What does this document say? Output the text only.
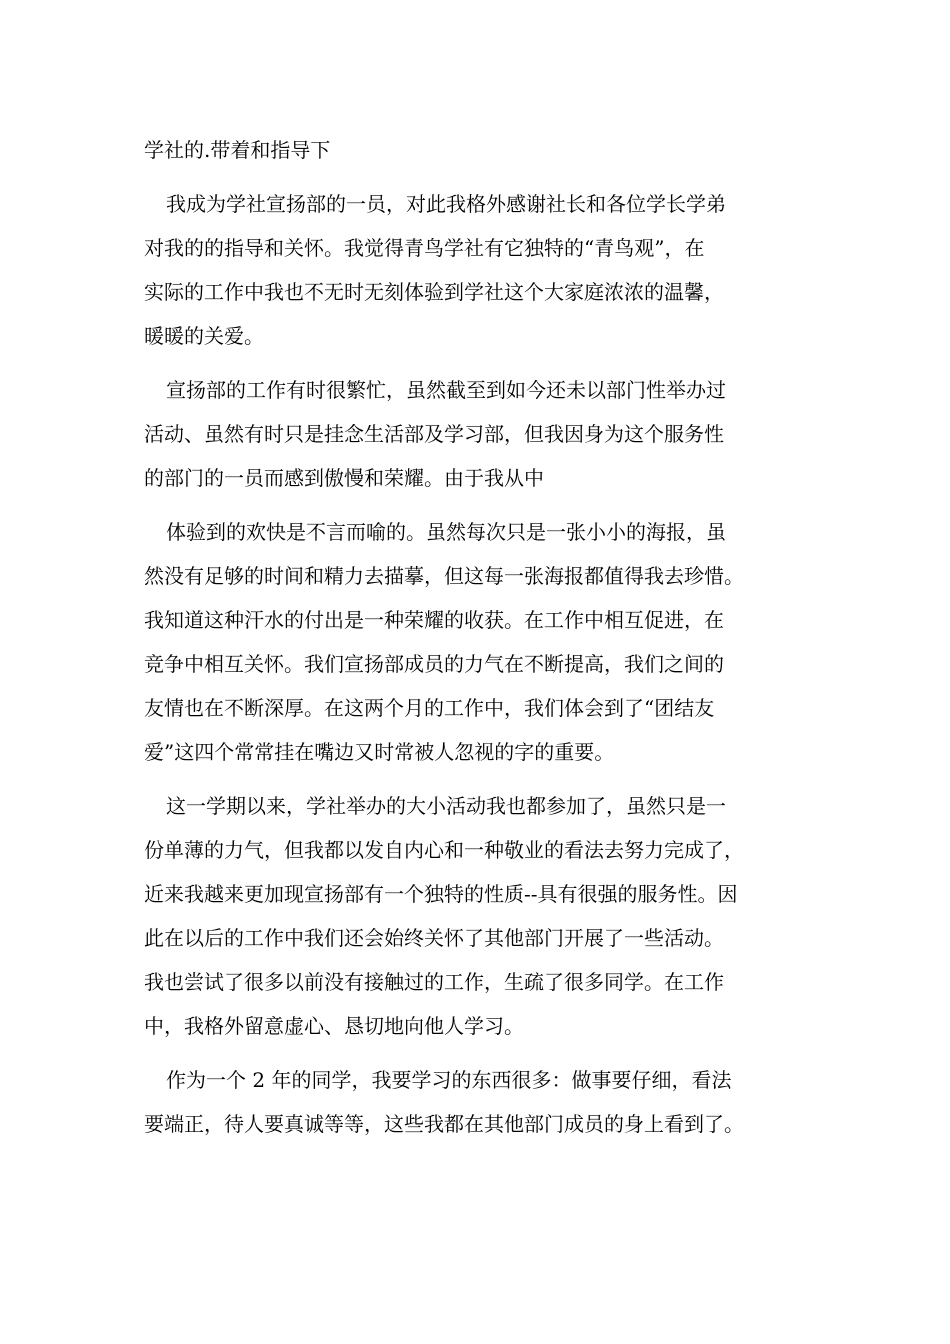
学社的.带着和指导下
我成为学社宣扬部的一员，对此我格外感谢社长和各位学长学弟
对我的的指导和关怀。我觉得青鸟学社有它独特的“青鸟观”，在
实际的工作中我也不无时无刻体验到学社这个大家庭浓浓的温馨，
暖暖的关爱。
宣扬部的工作有时很繁忙，虽然截至到如今还未以部门性举办过
活动、虽然有时只是挂念生活部及学习部，但我因身为这个服务性
的部门的一员而感到傲慢和荣耀。由于我从中
体验到的欢快是不言而喻的。虽然每次只是一张小小的海报，虽
然没有足够的时间和精力去描摹，但这每一张海报都值得我去珍惜。
我知道这种汗水的付出是一种荣耀的收获。在工作中相互促进，在
竞争中相互关怀。我们宣扬部成员的力气在不断提高，我们之间的
友情也在不断深厚。在这两个月的工作中，我们体会到了“团结友
爱”这四个常常挂在嘴边又时常被人忽视的字的重要。
这一学期以来，学社举办的大小活动我也都参加了，虽然只是一
份单薄的力气，但我都以发自内心和一种敬业的看法去努力完成了，
近来我越来更加现宣扬部有一个独特的性质--具有很强的服务性。因
此在以后的工作中我们还会始终关怀了其他部门开展了一些活动。
我也尝试了很多以前没有接触过的工作，生疏了很多同学。在工作
中，我格外留意虚心、恳切地向他人学习。
作为一个 2 年的同学，我要学习的东西很多：做事要仔细，看法
要端正，待人要真诚等等，这些我都在其他部门成员的身上看到了。
